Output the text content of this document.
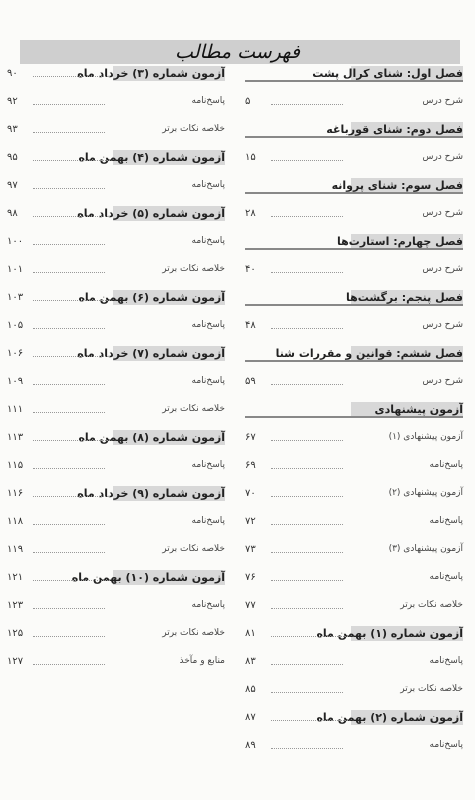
فهرست مطالب
فصل اول: شنای کرال پشت
شرح درس
۵
فصل دوم: شنای قورباغه
شرح درس
۱۵
فصل سوم: شنای پروانه
شرح درس
۲۸
فصل چهارم: استارت‌ها
شرح درس
۴۰
فصل پنجم: برگشت‌ها
شرح درس
۴۸
فصل ششم: قوانین و مقررات شنا
شرح درس
۵۹
آزمون پیشنهادی
آزمون پیشنهادی (۱)
۶۷
پاسخ‌نامه
۶۹
آزمون پیشنهادی (۲)
۷۰
پاسخ‌نامه
۷۲
آزمون پیشنهادی (۳)
۷۳
پاسخ‌نامه
۷۶
خلاصه نکات برتر
۷۷
آزمون شماره (۱) بهمن ماه
۸۱
پاسخ‌نامه
۸۳
خلاصه نکات برتر
۸۵
آزمون شماره (۲) بهمن ماه
۸۷
پاسخ‌نامه
۸۹
آزمون شماره (۳) خرداد ماه
۹۰
پاسخ‌نامه
۹۲
خلاصه نکات برتر
۹۳
آزمون شماره (۴) بهمن ماه
۹۵
پاسخ‌نامه
۹۷
آزمون شماره (۵) خرداد ماه
۹۸
پاسخ‌نامه
۱۰۰
خلاصه نکات برتر
۱۰۱
آزمون شماره (۶) بهمن ماه
۱۰۳
پاسخ‌نامه
۱۰۵
آزمون شماره (۷) خرداد ماه
۱۰۶
پاسخ‌نامه
۱۰۹
خلاصه نکات برتر
۱۱۱
آزمون شماره (۸) بهمن ماه
۱۱۳
پاسخ‌نامه
۱۱۵
آزمون شماره (۹) خرداد ماه
۱۱۶
پاسخ‌نامه
۱۱۸
خلاصه نکات برتر
۱۱۹
آزمون شماره (۱۰) بهمن ماه
۱۲۱
پاسخ‌نامه
۱۲۳
خلاصه نکات برتر
۱۲۵
منابع و مآخذ
۱۲۷
